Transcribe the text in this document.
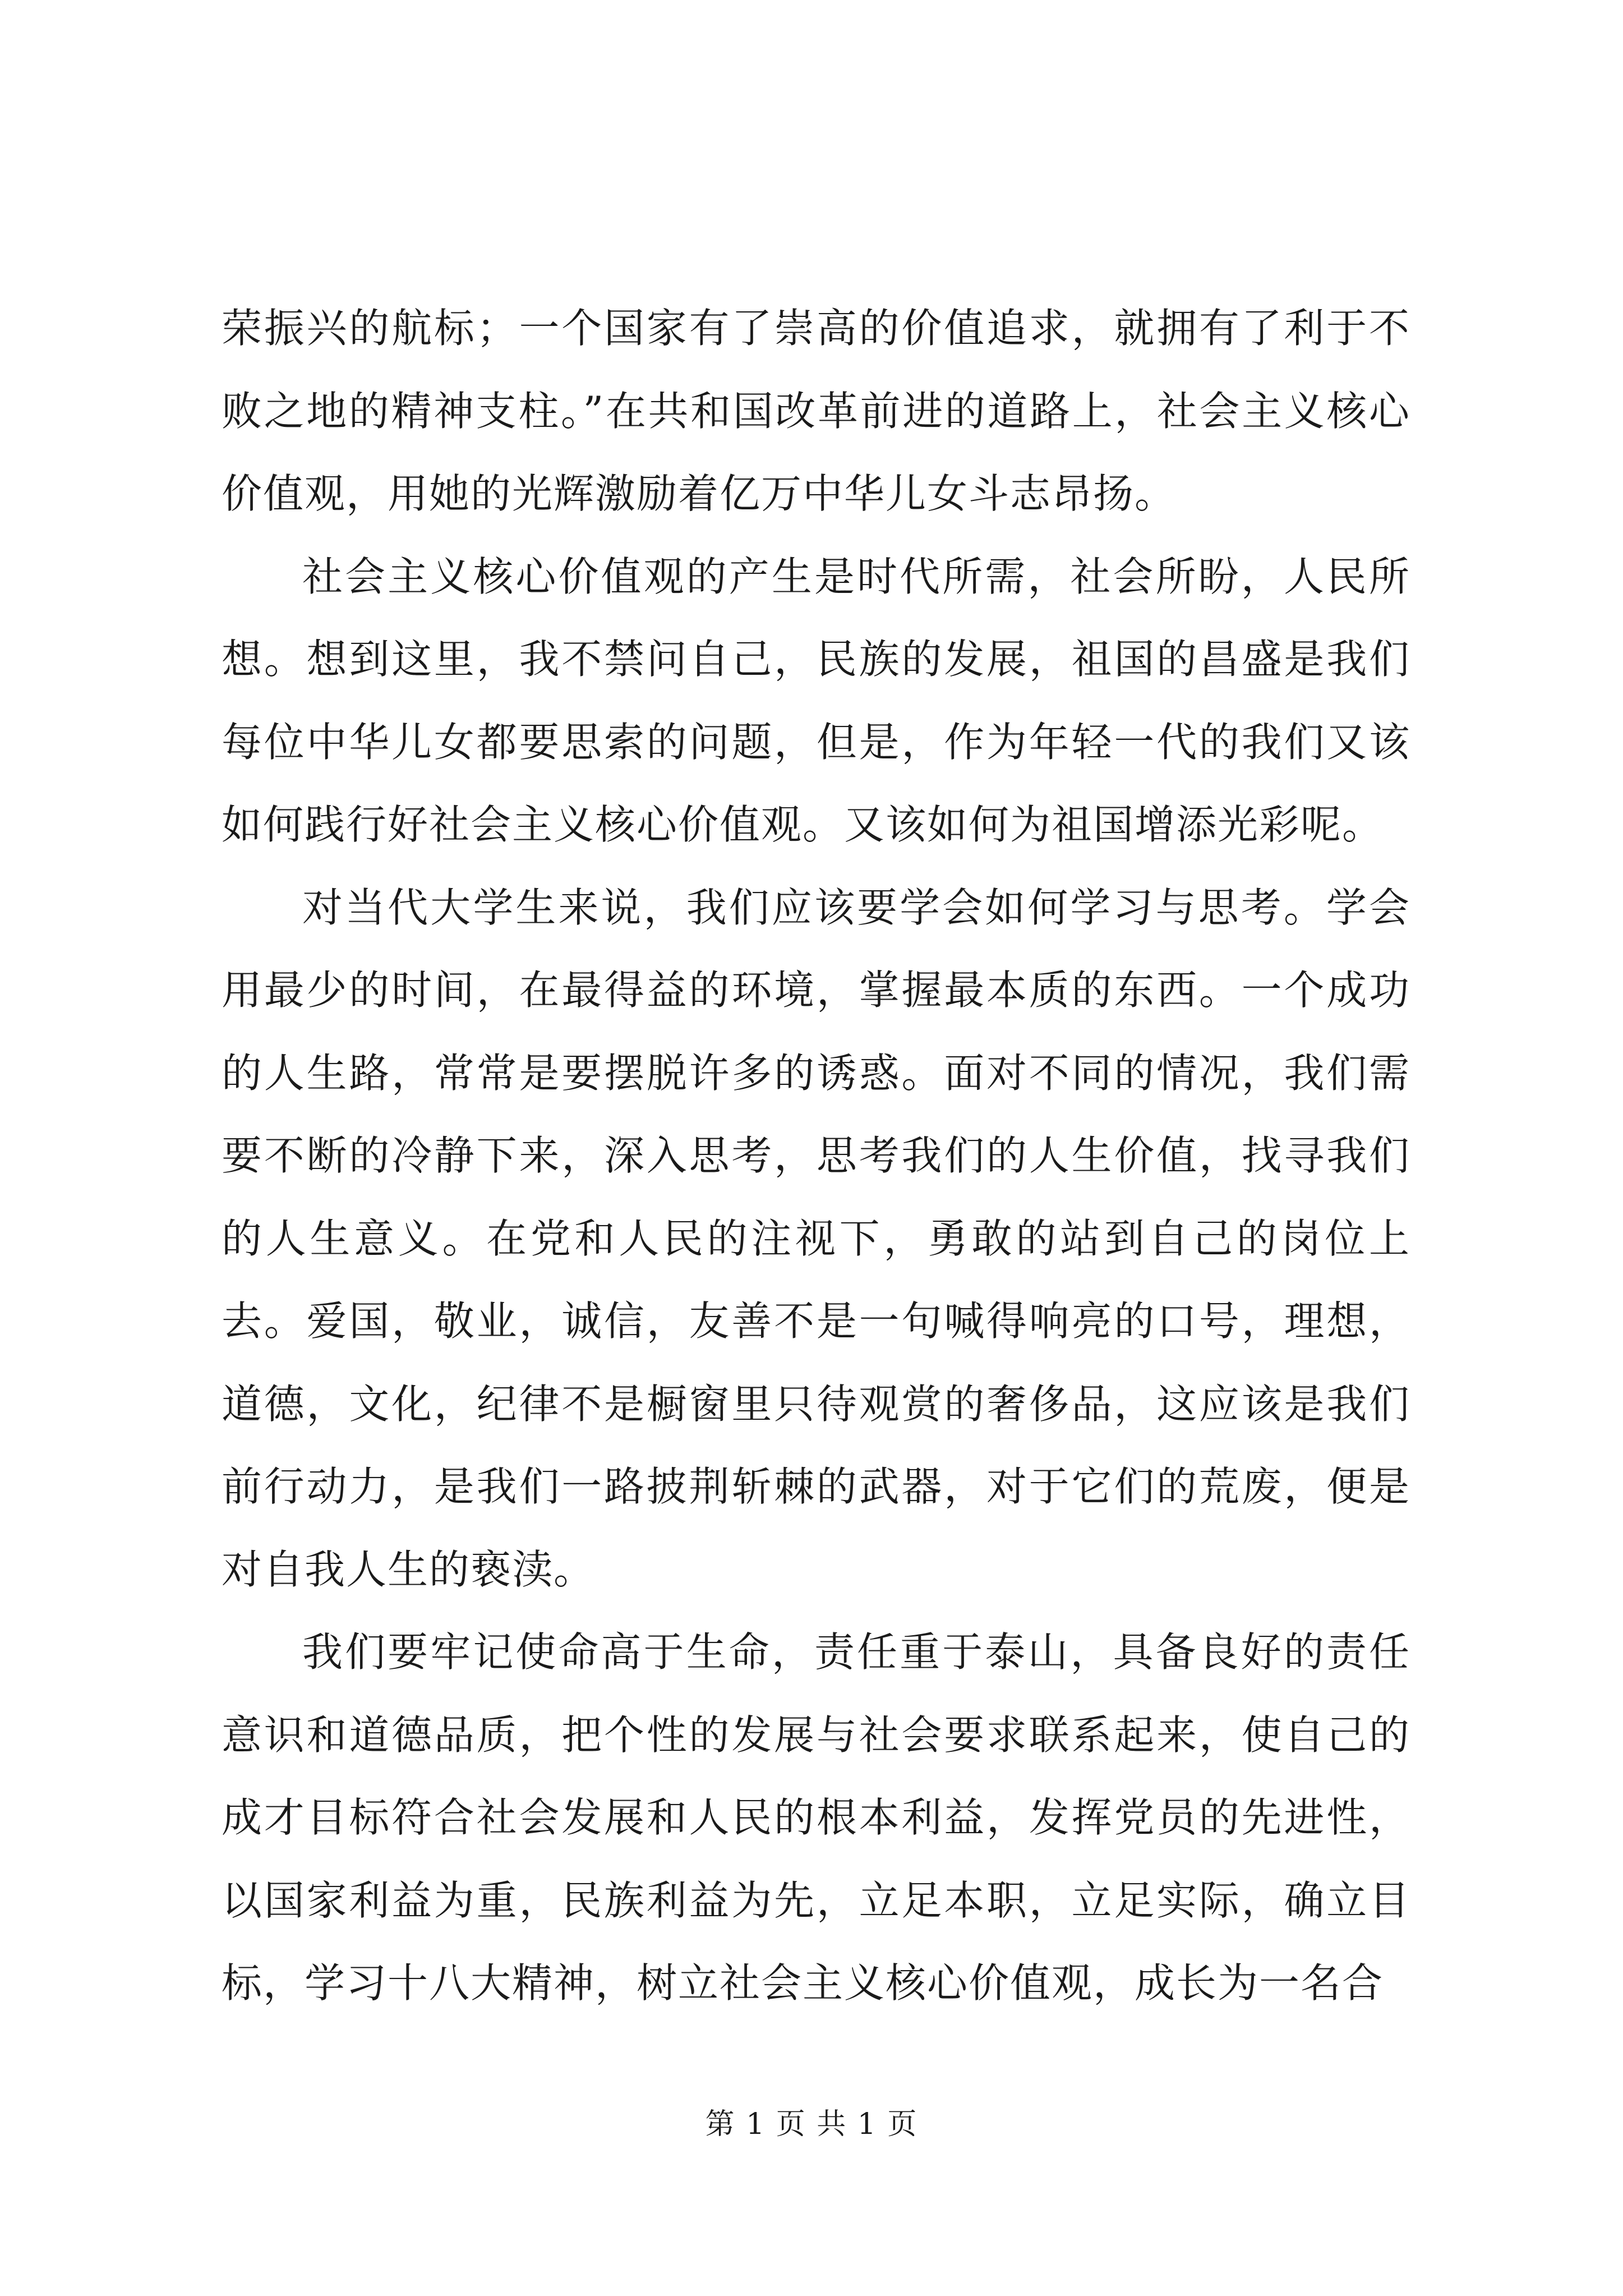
荣振兴的航标；一个国家有了崇高的价值追求，就拥有了利于不败之地的精神支柱。”在共和国改革前进的道路上，社会主义核心价值观，用她的光辉激励着亿万中华儿女斗志昂扬。

社会主义核心价值观的产生是时代所需，社会所盼，人民所想。想到这里，我不禁问自己，民族的发展，祖国的昌盛是我们每位中华儿女都要思索的问题，但是，作为年轻一代的我们又该如何践行好社会主义核心价值观。又该如何为祖国增添光彩呢。

对当代大学生来说，我们应该要学会如何学习与思考。学会用最少的时间，在最得益的环境，掌握最本质的东西。一个成功的人生路，常常是要摆脱许多的诱惑。面对不同的情况，我们需要不断的冷静下来，深入思考，思考我们的人生价值，找寻我们的人生意义。在党和人民的注视下，勇敢的站到自己的岗位上去。爱国，敬业，诚信，友善不是一句喊得响亮的口号，理想，道德，文化，纪律不是橱窗里只待观赏的奢侈品，这应该是我们前行动力，是我们一路披荆斩棘的武器，对于它们的荒废，便是对自我人生的亵渎。

我们要牢记使命高于生命，责任重于泰山，具备良好的责任意识和道德品质，把个性的发展与社会要求联系起来，使自己的成才目标符合社会发展和人民的根本利益，发挥党员的先进性，以国家利益为重，民族利益为先，立足本职，立足实际，确立目标，学习十八大精神，树立社会主义核心价值观，成长为一名合

第 1 页 共 1 页
